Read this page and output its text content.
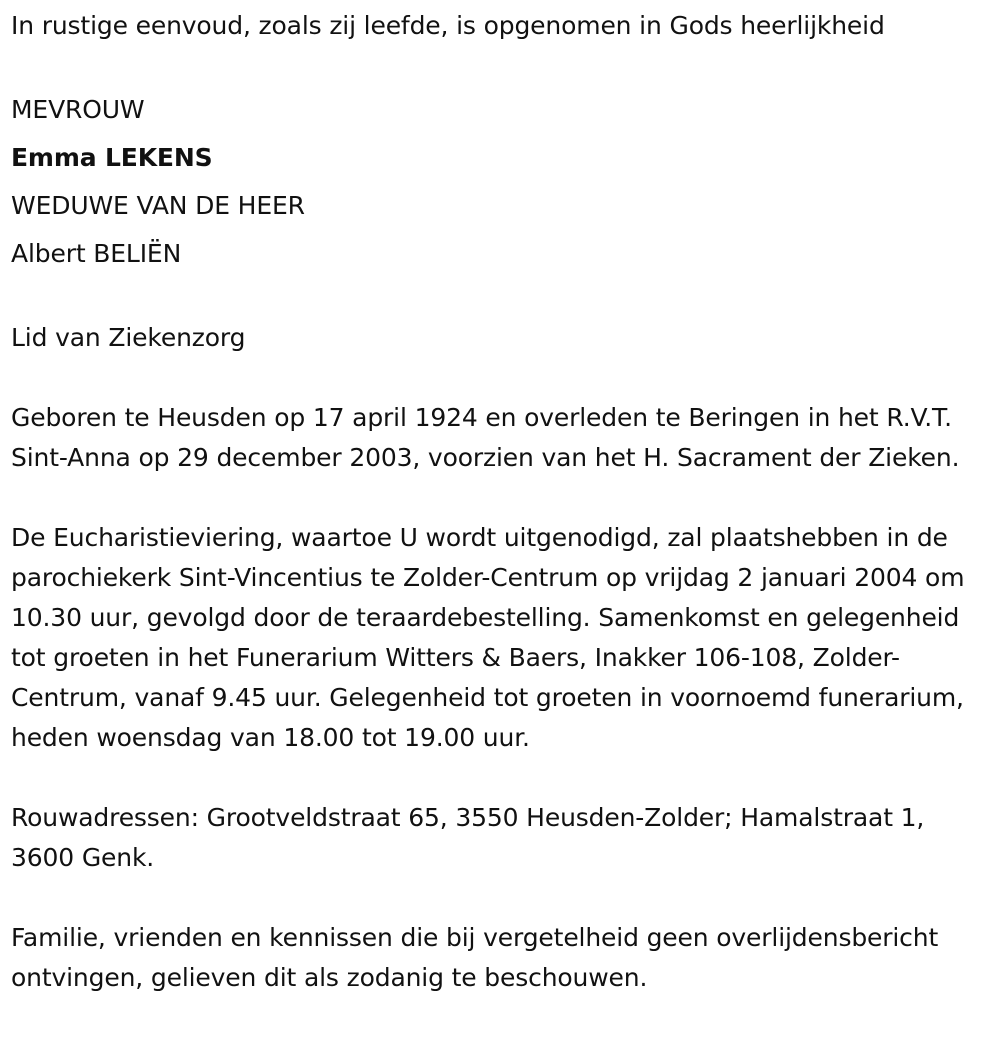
In rustige eenvoud, zoals zij leefde, is opgenomen in Gods heerlijkheid

MEVROUW

Emma LEKENS

WEDUWE VAN DE HEER

Albert BELIËN

Lid van Ziekenzorg

Geboren te Heusden op 17 april 1924 en overleden te Beringen in het R.V.T. Sint-Anna op 29 december 2003, voorzien van het H. Sacrament der Zieken.

De Eucharistieviering, waartoe U wordt uitgenodigd, zal plaatshebben in de parochiekerk Sint-Vincentius te Zolder-Centrum op vrijdag 2 januari 2004 om 10.30 uur, gevolgd door de teraardebestelling. Samenkomst en gelegenheid tot groeten in het Funerarium Witters & Baers, Inakker 106-108, Zolder-Centrum, vanaf 9.45 uur. Gelegenheid tot groeten in voornoemd funerarium, heden woensdag van 18.00 tot 19.00 uur.

Rouwadressen: Grootveldstraat 65, 3550 Heusden-Zolder; Hamalstraat 1, 3600 Genk.

Familie, vrienden en kennissen die bij vergetelheid geen overlijdensbericht ontvingen, gelieven dit als zodanig te beschouwen.
